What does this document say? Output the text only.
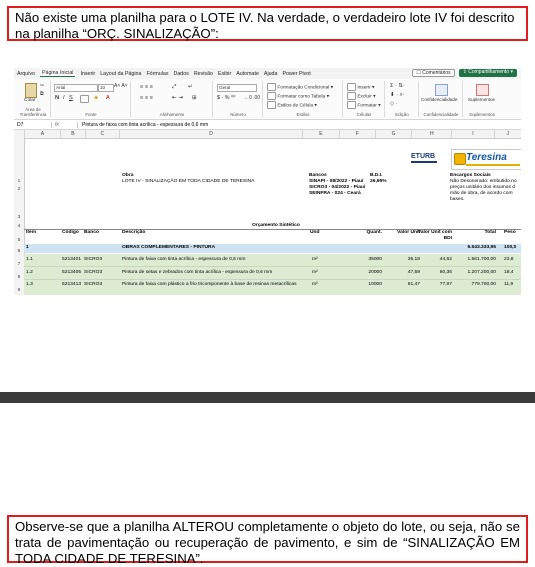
Não existe uma planilha para o LOTE IV. Na verdade, o verdadeiro lote IV foi descrito na planilha “ORÇ. SINALIZAÇÃO”:
Arquivo	Página Inicial	Inserir Layout da Página Fórmulas Dados Revisão Exibir Automate Ajuda Power Pivot	☐ Comentários	⇪ Compartilhamento ▾
Colar
✂
⧉
Área de Transferência
Arial	10	A˄ A˅
N I S	◈ A
Fonte
≡ ≡ ≡	⤢ ↵
≡ ≡ ≡	⇤ ⇥ ⊞
Alinhamento
Geral
$ · % ⁰⁰ ←0 .00
Número
Formatação Condicional ▾
Formatar como Tabela ▾
Estilos de Célula ▾
Estilos
Inserir ▾
Excluir ▾
Formatar ▾
Células
Σ · ⇅·
⬇ · ⌕·
◇ ·
Edição
Confidencialidade
Confidencialidade
Suplementos
Suplementos
D7	fx	Pintura de faixa com tinta acrílica - espessura de 0,6 mm
A	B	C	D	E	F	G	H	I	J
1
2
3
4
5
6
7
8
9
ETURB	Teresina
Obra
LOTE IV - SINALIZAÇÃO EM TODA CIDADE DE TERESINA
Bancos
SINAPI - 08/2022 - Piauí
SICRO3 - 04/2022 - Piauí
SEINFRA - 024 - Ceará
B.D.I.
26,95%
Encargos Sociais
Não Desonerado: embutido no
preços unitário dos insumos d
mão de obra, de acordo com
bases.
Orçamento Sintético
Item	Código Banco	Descrição	Und	Quant.	Valor Unit
Valor Unit com BDI
Total Peso
1	OBRAS COMPLEMENTARES - PINTURA	6.543.333,95 100,0
1.1	5213401 SICRO3	Pintura de faixa com tinta acrílica - espessura de 0,6 mm	m²	35000	35,18	44,62	1.561.700,00 23,8
1.2	5213405 SICRO3	Pintura de setas e zebrados com tinta acrílica - espessura de 0,6 mm	m²	20000	47,59	60,36	1.207.200,00 18,4
1.3	5213413 SICRO3	Pintura de faixa com plástico a frio tricomponente à base de resinas metacrílicas	m²	10000	61,47	77,97	779.700,00 11,9
Observe-se que a planilha ALTEROU completamente o objeto do lote, ou seja, não se trata de pavimentação ou recuperação de pavimento, e sim de “SINALIZAÇÃO EM TODA CIDADE DE TERESINA”.
